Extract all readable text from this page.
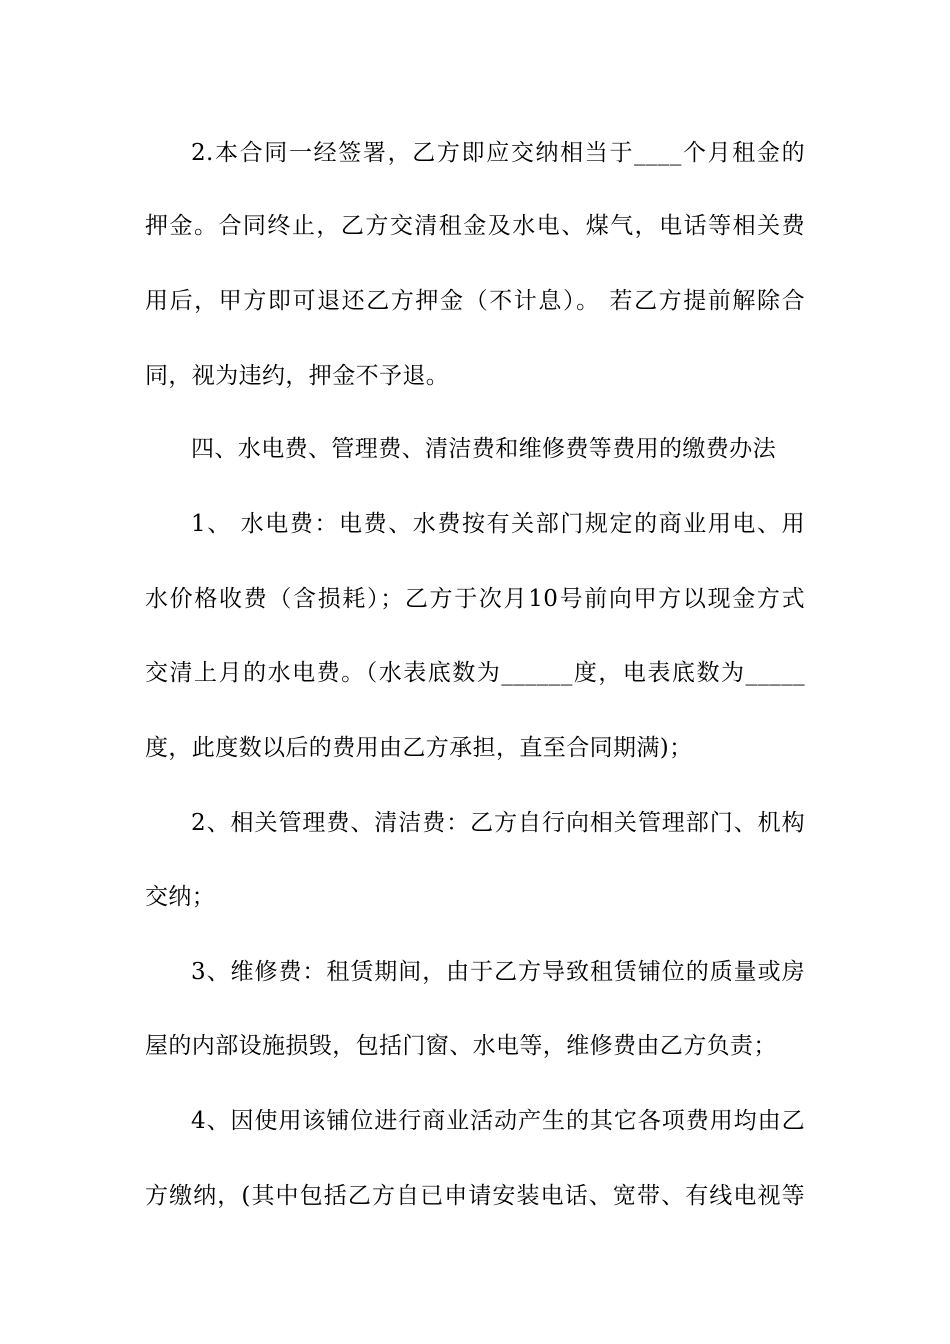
2.本合同一经签署，乙方即应交纳相当于____个月租金的
押金。合同终止，乙方交清租金及水电、煤气，电话等相关费
用后，甲方即可退还乙方押金（不计息）。 若乙方提前解除合
同，视为违约，押金不予退。
四、水电费、管理费、清洁费和维修费等费用的缴费办法
1、 水电费：电费、水费按有关部门规定的商业用电、用
水价格收费（含损耗）；乙方于次月10号前向甲方以现金方式
交清上月的水电费。（水表底数为______度，电表底数为_____
度，此度数以后的费用由乙方承担，直至合同期满)；
2、相关管理费、清洁费：乙方自行向相关管理部门、机构
交纳；
3、维修费：租赁期间，由于乙方导致租赁铺位的质量或房
屋的内部设施损毁，包括门窗、水电等，维修费由乙方负责；
4、因使用该铺位进行商业活动产生的其它各项费用均由乙
方缴纳，(其中包括乙方自已申请安装电话、宽带、有线电视等
